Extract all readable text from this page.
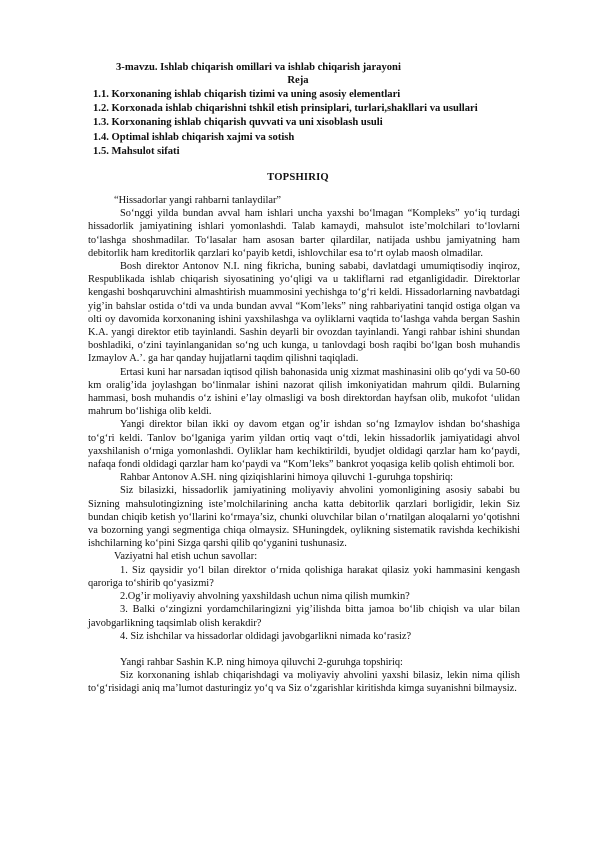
3-mavzu. Ishlab chiqarish omillari va ishlab chiqarish jarayoni
Reja
1.1. Korxonaning ishlab chiqarish tizimi va uning asosiy elementlari
1.2. Korxonada ishlab chiqarishni tshkil etish prinsiplari, turlari,shakllari va usullari
1.3. Korxonaning ishlab chiqarish quvvati va uni xisoblash usuli
1.4. Optimal ishlab chiqarish xajmi va sotish
1.5. Mahsulot sifati
TOPSHIRIQ

“Hissadorlar yangi rahbarni tanlaydilar”

So‘nggi yilda bundan avval ham ishlari uncha yaxshi bo‘lmagan “Kompleks” yo‘iq turdagi hissadorlik jamiyatining ishlari yomonlashdi. Talab kamaydi, mahsulot iste’molchilari to‘lovlarni to‘lashga shoshmadilar. To‘lasalar ham asosan barter qilardilar, natijada ushbu jamiyatning ham debitorlik ham kreditorlik qarzlari ko‘payib ketdi, ishlovchilar esa to‘rt oylab maosh olmadilar.

Bosh direktor Antonov N.I. ning fikricha, buning sababi, davlatdagi umumiqtisodiy inqiroz, Respublikada ishlab chiqarish siyosatining yo‘qligi va u takliflarni rad etganligidadir. Direktorlar kengashi boshqaruvchini almashtirish muammosini yechishga to‘g‘ri keldi. Hissadorlarning navbatdagi yig’in bahslar ostida o‘tdi va unda bundan avval “Kom’leks” ning rahbariyatini tanqid ostiga olgan va olti oy davomida korxonaning ishini yaxshilashga va oyliklarni vaqtida to‘lashga vahda bergan Sashin K.A. yangi direktor etib tayinlandi. Sashin deyarli bir ovozdan tayinlandi. Yangi rahbar ishini shundan boshladiki, o‘zini tayinlanganidan so‘ng uch kunga, u tanlovdagi bosh raqibi bo‘lgan bosh muhandis Izmaylov A.’. ga har qanday hujjatlarni taqdim qilishni taqiqladi.

Ertasi kuni har narsadan iqtisod qilish bahonasida unig xizmat mashinasini olib qo‘ydi va 50-60 km oralig’ida joylashgan bo‘linmalar ishini nazorat qilish imkoniyatidan mahrum qildi. Bularning hammasi, bosh muhandis o‘z ishini e’lay olmasligi va bosh direktordan hayfsan olib, mukofot ‘ulidan mahrum bo‘lishiga olib keldi.

Yangi direktor bilan ikki oy davom etgan og’ir ishdan so‘ng Izmaylov ishdan bo‘shashiga to‘g‘ri keldi. Tanlov bo‘lganiga yarim yildan ortiq vaqt o‘tdi, lekin hissadorlik jamiyatidagi ahvol yaxshilanish o‘rniga yomonlashdi. Oyliklar ham kechiktirildi, byudjet oldidagi qarzlar ham ko‘paydi, nafaqa fondi oldidagi qarzlar ham ko‘paydi va “Kom’leks” bankrot yoqasiga kelib qolish ehtimoli bor.

Rahbar Antonov A.SH. ning qiziqishlarini himoya qiluvchi 1-guruhga topshiriq:

Siz bilasizki, hissadorlik jamiyatining moliyaviy ahvolini yomonligining asosiy sababi bu Sizning mahsulotingizning iste’molchilarining ancha katta debitorlik qarzlari borligidir, lekin Siz bundan chiqib ketish yo‘llarini ko‘rmaya’siz, chunki oluvchilar bilan o‘rnatilgan aloqalarni yo‘qotishni va bozorning yangi segmentiga chiqa olmaysiz. SHuningdek, oylikning sistematik ravishda kechikishi ishchilarning ko‘pini Sizga qarshi qilib qo‘yganini tushunasiz.

Vaziyatni hal etish uchun savollar:

1. Siz qaysidir yo‘l bilan direktor o‘rnida qolishiga harakat qilasiz yoki hammasini kengash qaroriga to‘shirib qo‘yasizmi?

2.Og’ir moliyaviy ahvolning yaxshildash uchun nima qilish mumkin?

3. Balki o‘zingizni yordamchilaringizni yig’ilishda bitta jamoa bo‘lib chiqish va ular bilan javobgarlikning taqsimlab olish kerakdir?

4. Siz ishchilar va hissadorlar oldidagi javobgarlikni nimada ko‘rasiz?

Yangi rahbar Sashin K.P. ning himoya qiluvchi 2-guruhga topshiriq:

Siz korxonaning ishlab chiqarishdagi va moliyaviy ahvolini yaxshi bilasiz, lekin nima qilish to‘g‘risidagi aniq ma’lumot dasturingiz yo‘q va Siz o‘zgarishlar kiritishda kimga suyanishni bilmaysiz.
